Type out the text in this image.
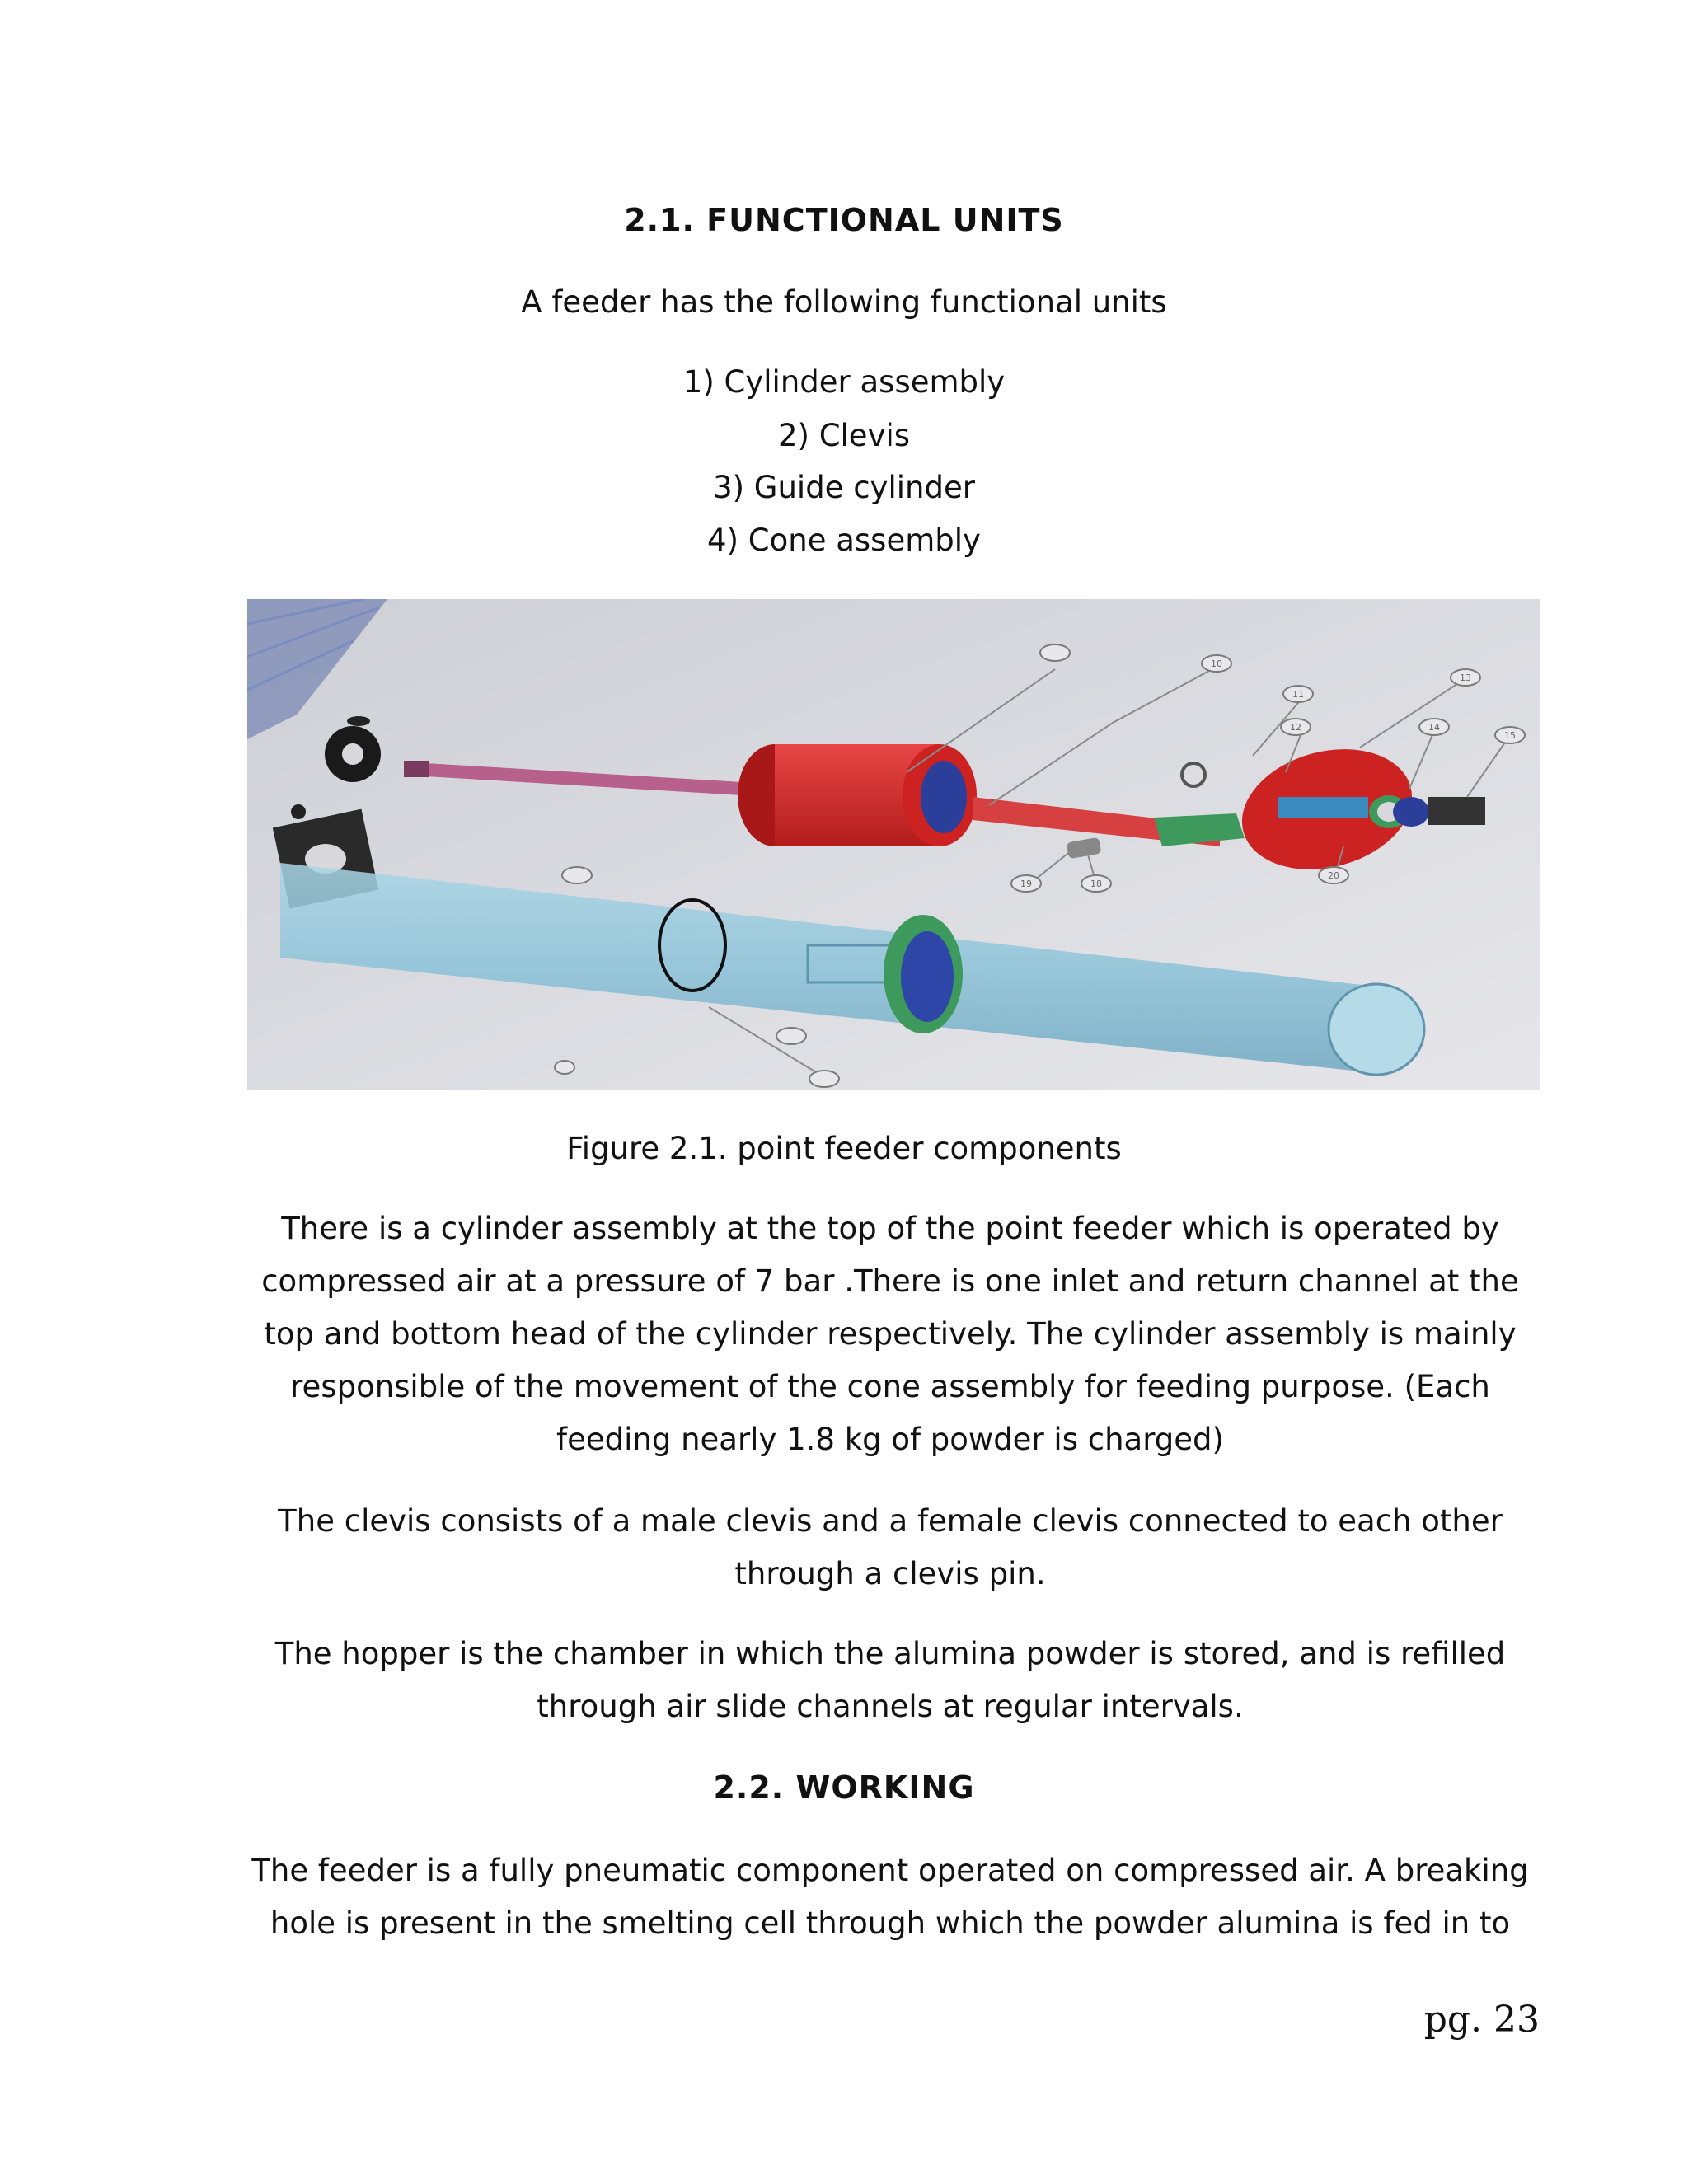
2.1. FUNCTIONAL UNITS
A feeder has the following functional units
1) Cylinder assembly
2) Clevis
3) Guide cylinder
4) Cone assembly
10
11
12
13
14
15
20
19	18
Figure 2.1. point feeder components
There is a cylinder assembly at the top of the point feeder which is operated by compressed air at a pressure of 7 bar .There is one inlet and return channel at the top and bottom head of the cylinder respectively. The cylinder assembly is mainly responsible of the movement of the cone assembly for feeding purpose. (Each feeding nearly 1.8 kg of powder is charged)
The clevis consists of a male clevis and a female clevis connected to each other through a clevis pin.
The hopper is the chamber in which the alumina powder is stored, and is refilled through air slide channels at regular intervals.
2.2. WORKING
The feeder is a fully pneumatic component operated on compressed air. A breaking hole is present in the smelting cell through which the powder alumina is fed in to
pg. 23
